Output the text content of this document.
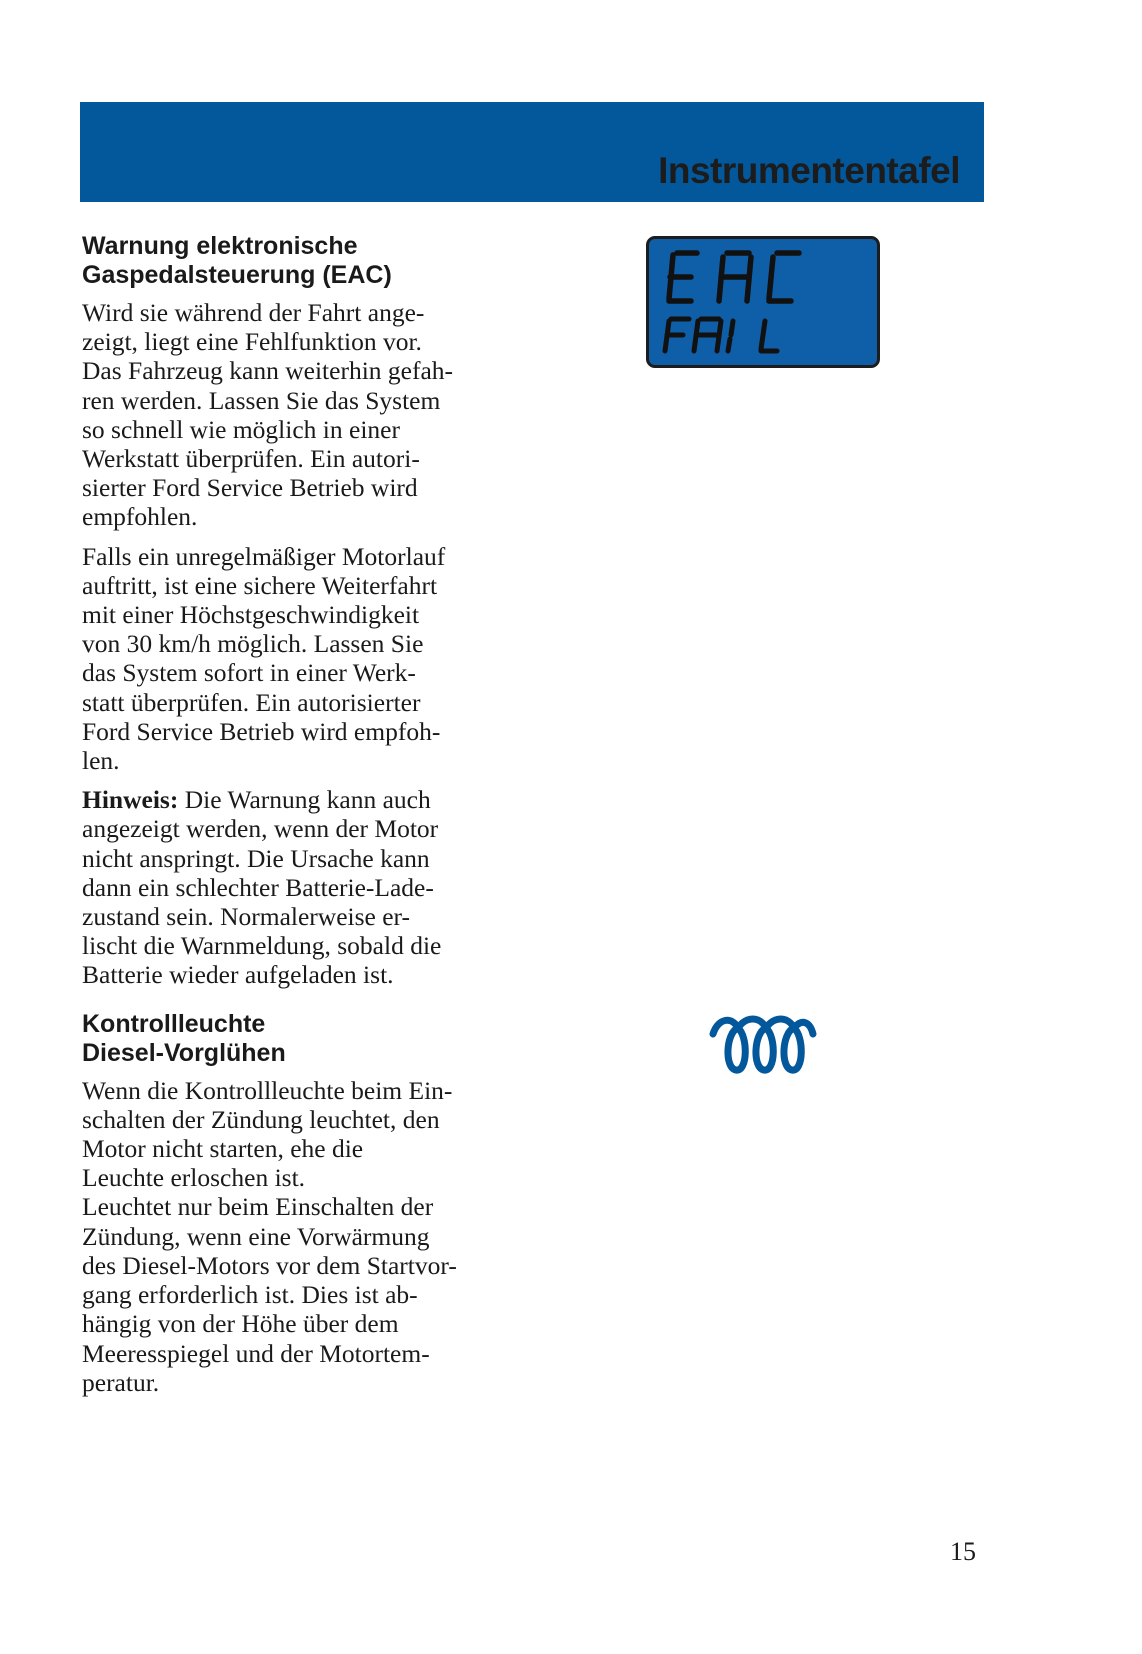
Instrumententafel
Warnung elektronische
Gaspedalsteuerung (EAC)

Wird sie während der Fahrt ange-
zeigt, liegt eine Fehlfunktion vor.
Das Fahrzeug kann weiterhin gefah-
ren werden. Lassen Sie das System
so schnell wie möglich in einer
Werkstatt überprüfen. Ein autori-
sierter Ford Service Betrieb wird
empfohlen.

Falls ein unregelmäßiger Motorlauf
auftritt, ist eine sichere Weiterfahrt
mit einer Höchstgeschwindigkeit
von 30 km/h möglich. Lassen Sie
das System sofort in einer Werk-
statt überprüfen. Ein autorisierter
Ford Service Betrieb wird empfoh-
len.

Hinweis: Die Warnung kann auch
angezeigt werden, wenn der Motor
nicht anspringt. Die Ursache kann
dann ein schlechter Batterie-Lade-
zustand sein. Normalerweise er-
lischt die Warnmeldung, sobald die
Batterie wieder aufgeladen ist.

Kontrollleuchte
Diesel-Vorglühen

Wenn die Kontrollleuchte beim Ein-
schalten der Zündung leuchtet, den
Motor nicht starten, ehe die
Leuchte erloschen ist.
Leuchtet nur beim Einschalten der
Zündung, wenn eine Vorwärmung
des Diesel-Motors vor dem Startvor-
gang erforderlich ist. Dies ist ab-
hängig von der Höhe über dem
Meeresspiegel und der Motortem-
peratur.

15
